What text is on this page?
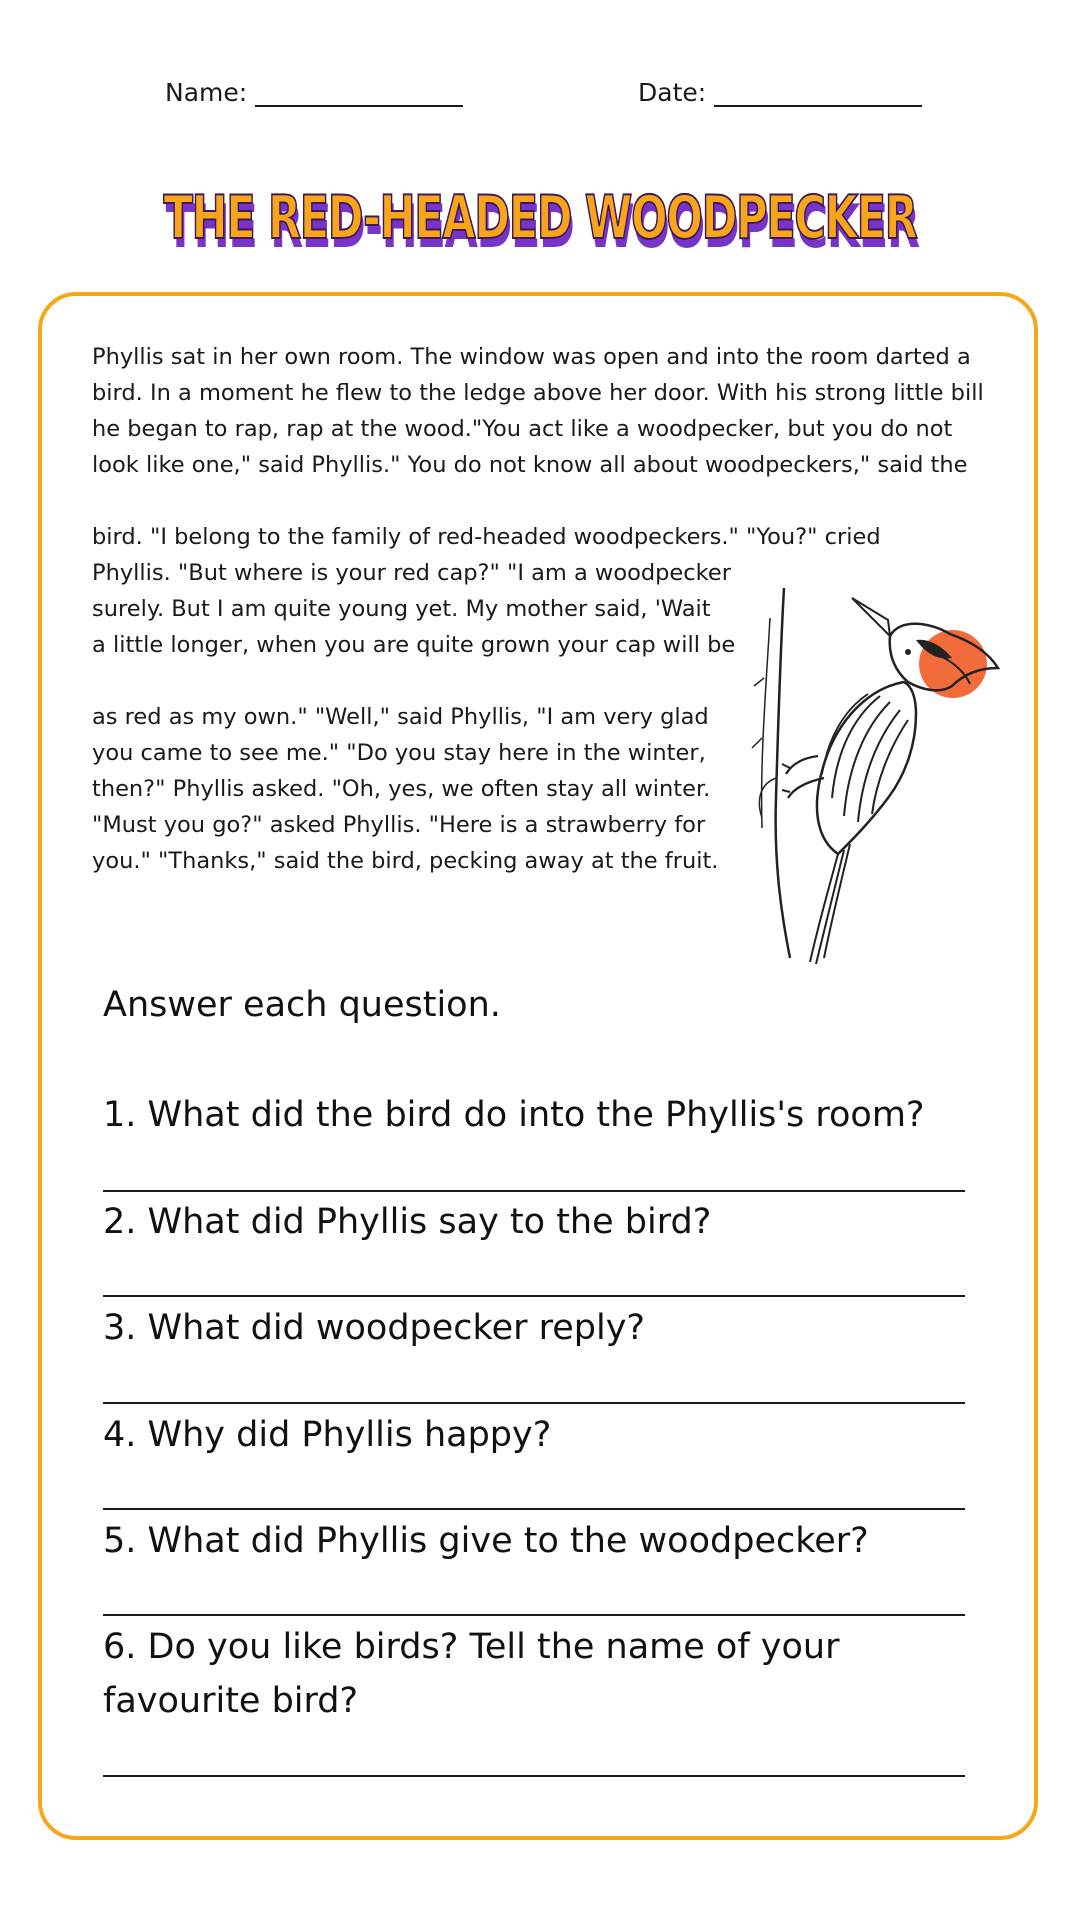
Name:	Date:
THE RED-HEADED WOODPECKER
Phyllis sat in her own room. The window was open and into the room darted a
bird. In a moment he flew to the ledge above her door. With his strong little bill
he began to rap, rap at the wood."You act like a woodpecker, but you do not
look like one," said Phyllis." You do not know all about woodpeckers," said the
bird. "I belong to the family of red-headed woodpeckers." "You?" cried
Phyllis. "But where is your red cap?" "I am a woodpecker
surely. But I am quite young yet. My mother said, 'Wait
a little longer, when you are quite grown your cap will be
as red as my own." "Well," said Phyllis, "I am very glad
you came to see me." "Do you stay here in the winter,
then?" Phyllis asked. "Oh, yes, we often stay all winter.
"Must you go?" asked Phyllis. "Here is a strawberry for
you." "Thanks," said the bird, pecking away at the fruit.
Answer each question.
1. What did the bird do into the Phyllis's room?
2. What did Phyllis say to the bird?
3. What did woodpecker reply?
4. Why did Phyllis happy?
5. What did Phyllis give to the woodpecker?
6. Do you like birds? Tell the name of your favourite bird?
